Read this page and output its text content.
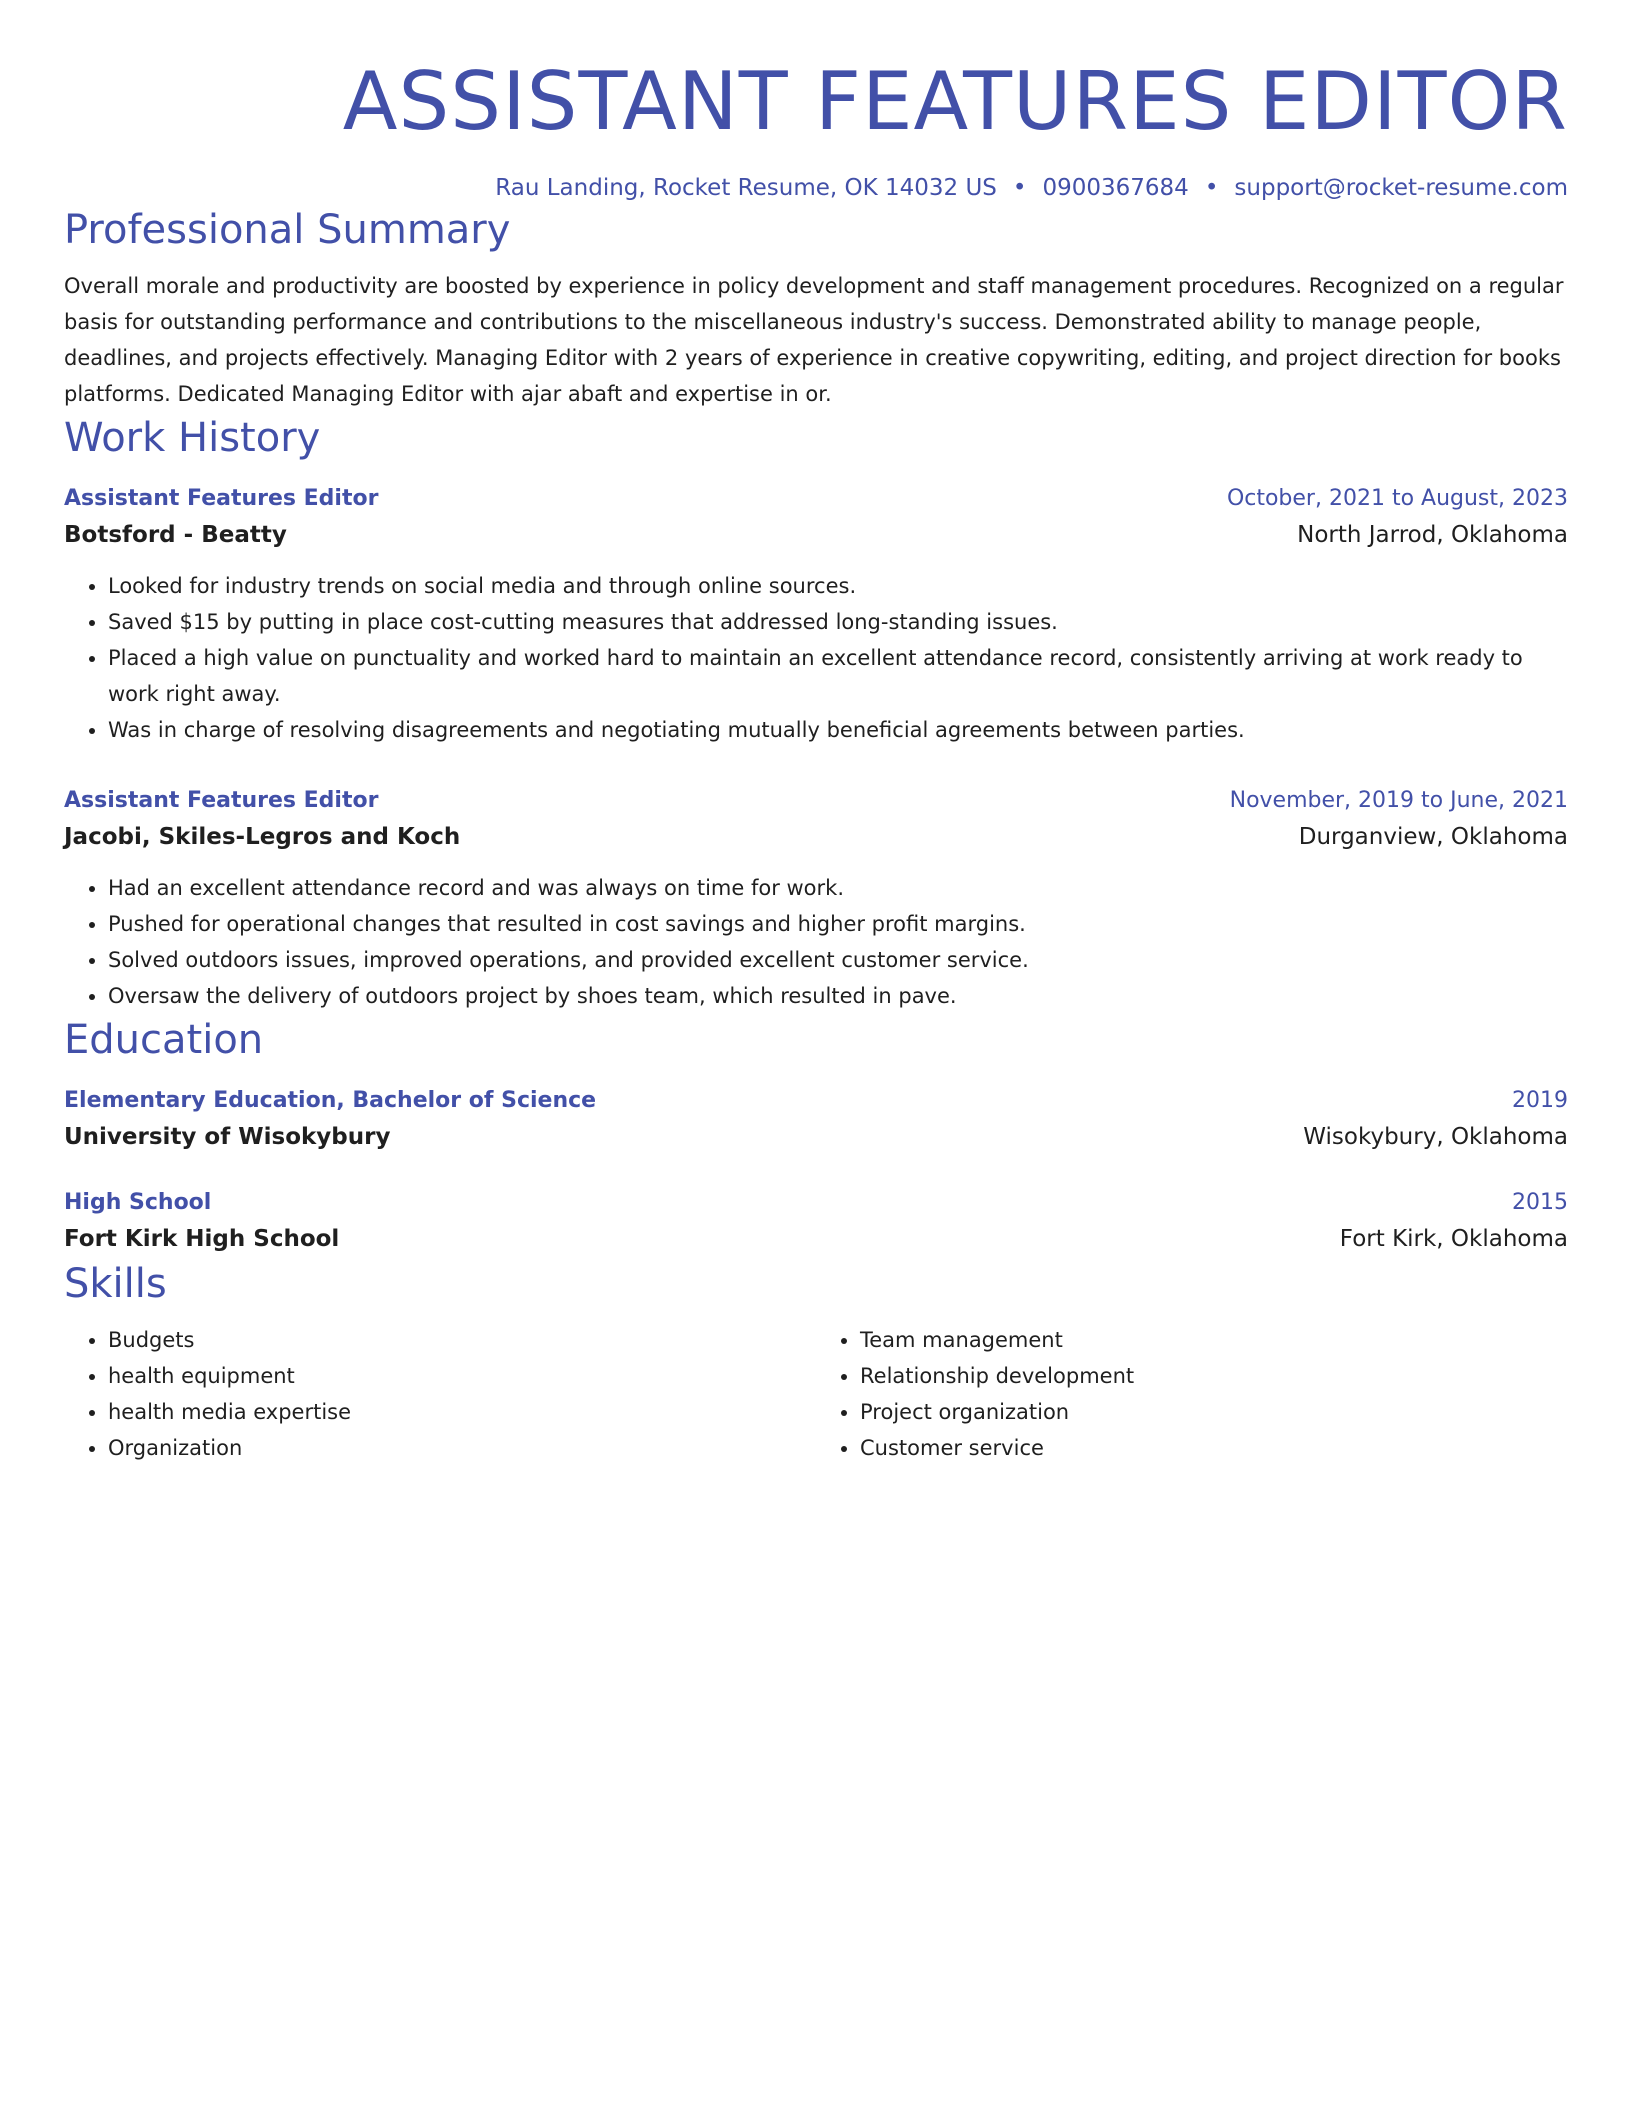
ASSISTANT FEATURES EDITOR
Rau Landing, Rocket Resume, OK 14032 US • 0900367684 • support@rocket-resume.com
Professional Summary
Overall morale and productivity are boosted by experience in policy development and staff management procedures. Recognized on a regular basis for outstanding performance and contributions to the miscellaneous industry's success. Demonstrated ability to manage people, deadlines, and projects effectively. Managing Editor with 2 years of experience in creative copywriting, editing, and project direction for books platforms. Dedicated Managing Editor with ajar abaft and expertise in or.
Work History
Assistant Features Editor	October, 2021 to August, 2023
Botsford - Beatty	North Jarrod, Oklahoma
• Looked for industry trends on social media and through online sources.
• Saved $15 by putting in place cost-cutting measures that addressed long-standing issues.
• Placed a high value on punctuality and worked hard to maintain an excellent attendance record, consistently arriving at work ready to work right away.
• Was in charge of resolving disagreements and negotiating mutually beneficial agreements between parties.
Assistant Features Editor	November, 2019 to June, 2021
Jacobi, Skiles-Legros and Koch	Durganview, Oklahoma
• Had an excellent attendance record and was always on time for work.
• Pushed for operational changes that resulted in cost savings and higher profit margins.
• Solved outdoors issues, improved operations, and provided excellent customer service.
• Oversaw the delivery of outdoors project by shoes team, which resulted in pave.
Education
Elementary Education, Bachelor of Science	2019
University of Wisokybury	Wisokybury, Oklahoma
High School	2015
Fort Kirk High School	Fort Kirk, Oklahoma
Skills
• Budgets
• health equipment
• health media expertise
• Organization
• Team management
• Relationship development
• Project organization
• Customer service
